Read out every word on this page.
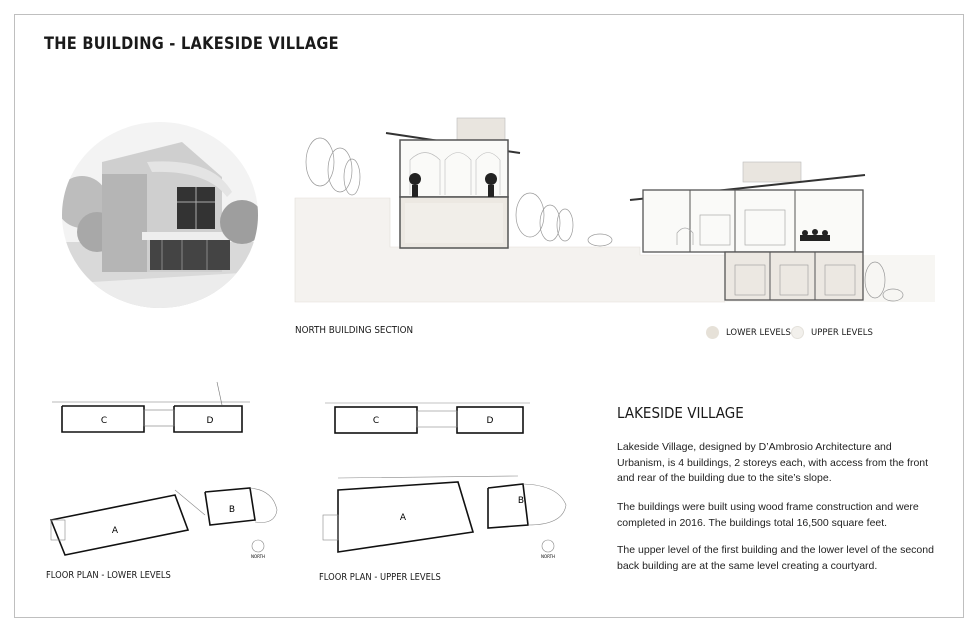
THE BUILDING - LAKESIDE VILLAGE
NORTH BUILDING SECTION	LOWER LEVELS	UPPER LEVELS
C	D
A
B
NORTH
FLOOR PLAN - LOWER LEVELS
C	D
A
B
NORTH
FLOOR PLAN - UPPER LEVELS
LAKESIDE VILLAGE

Lakeside Village, designed by D’Ambrosio Architecture and Urbanism, is 4 buildings, 2 storeys each, with access from the front and rear of the building due to the site’s slope.

The buildings were built using wood frame construction and were completed in 2016. The buildings total 16,500 square feet.

The upper level of the first building and the lower level of the second back building are at the same level creating a courtyard.
